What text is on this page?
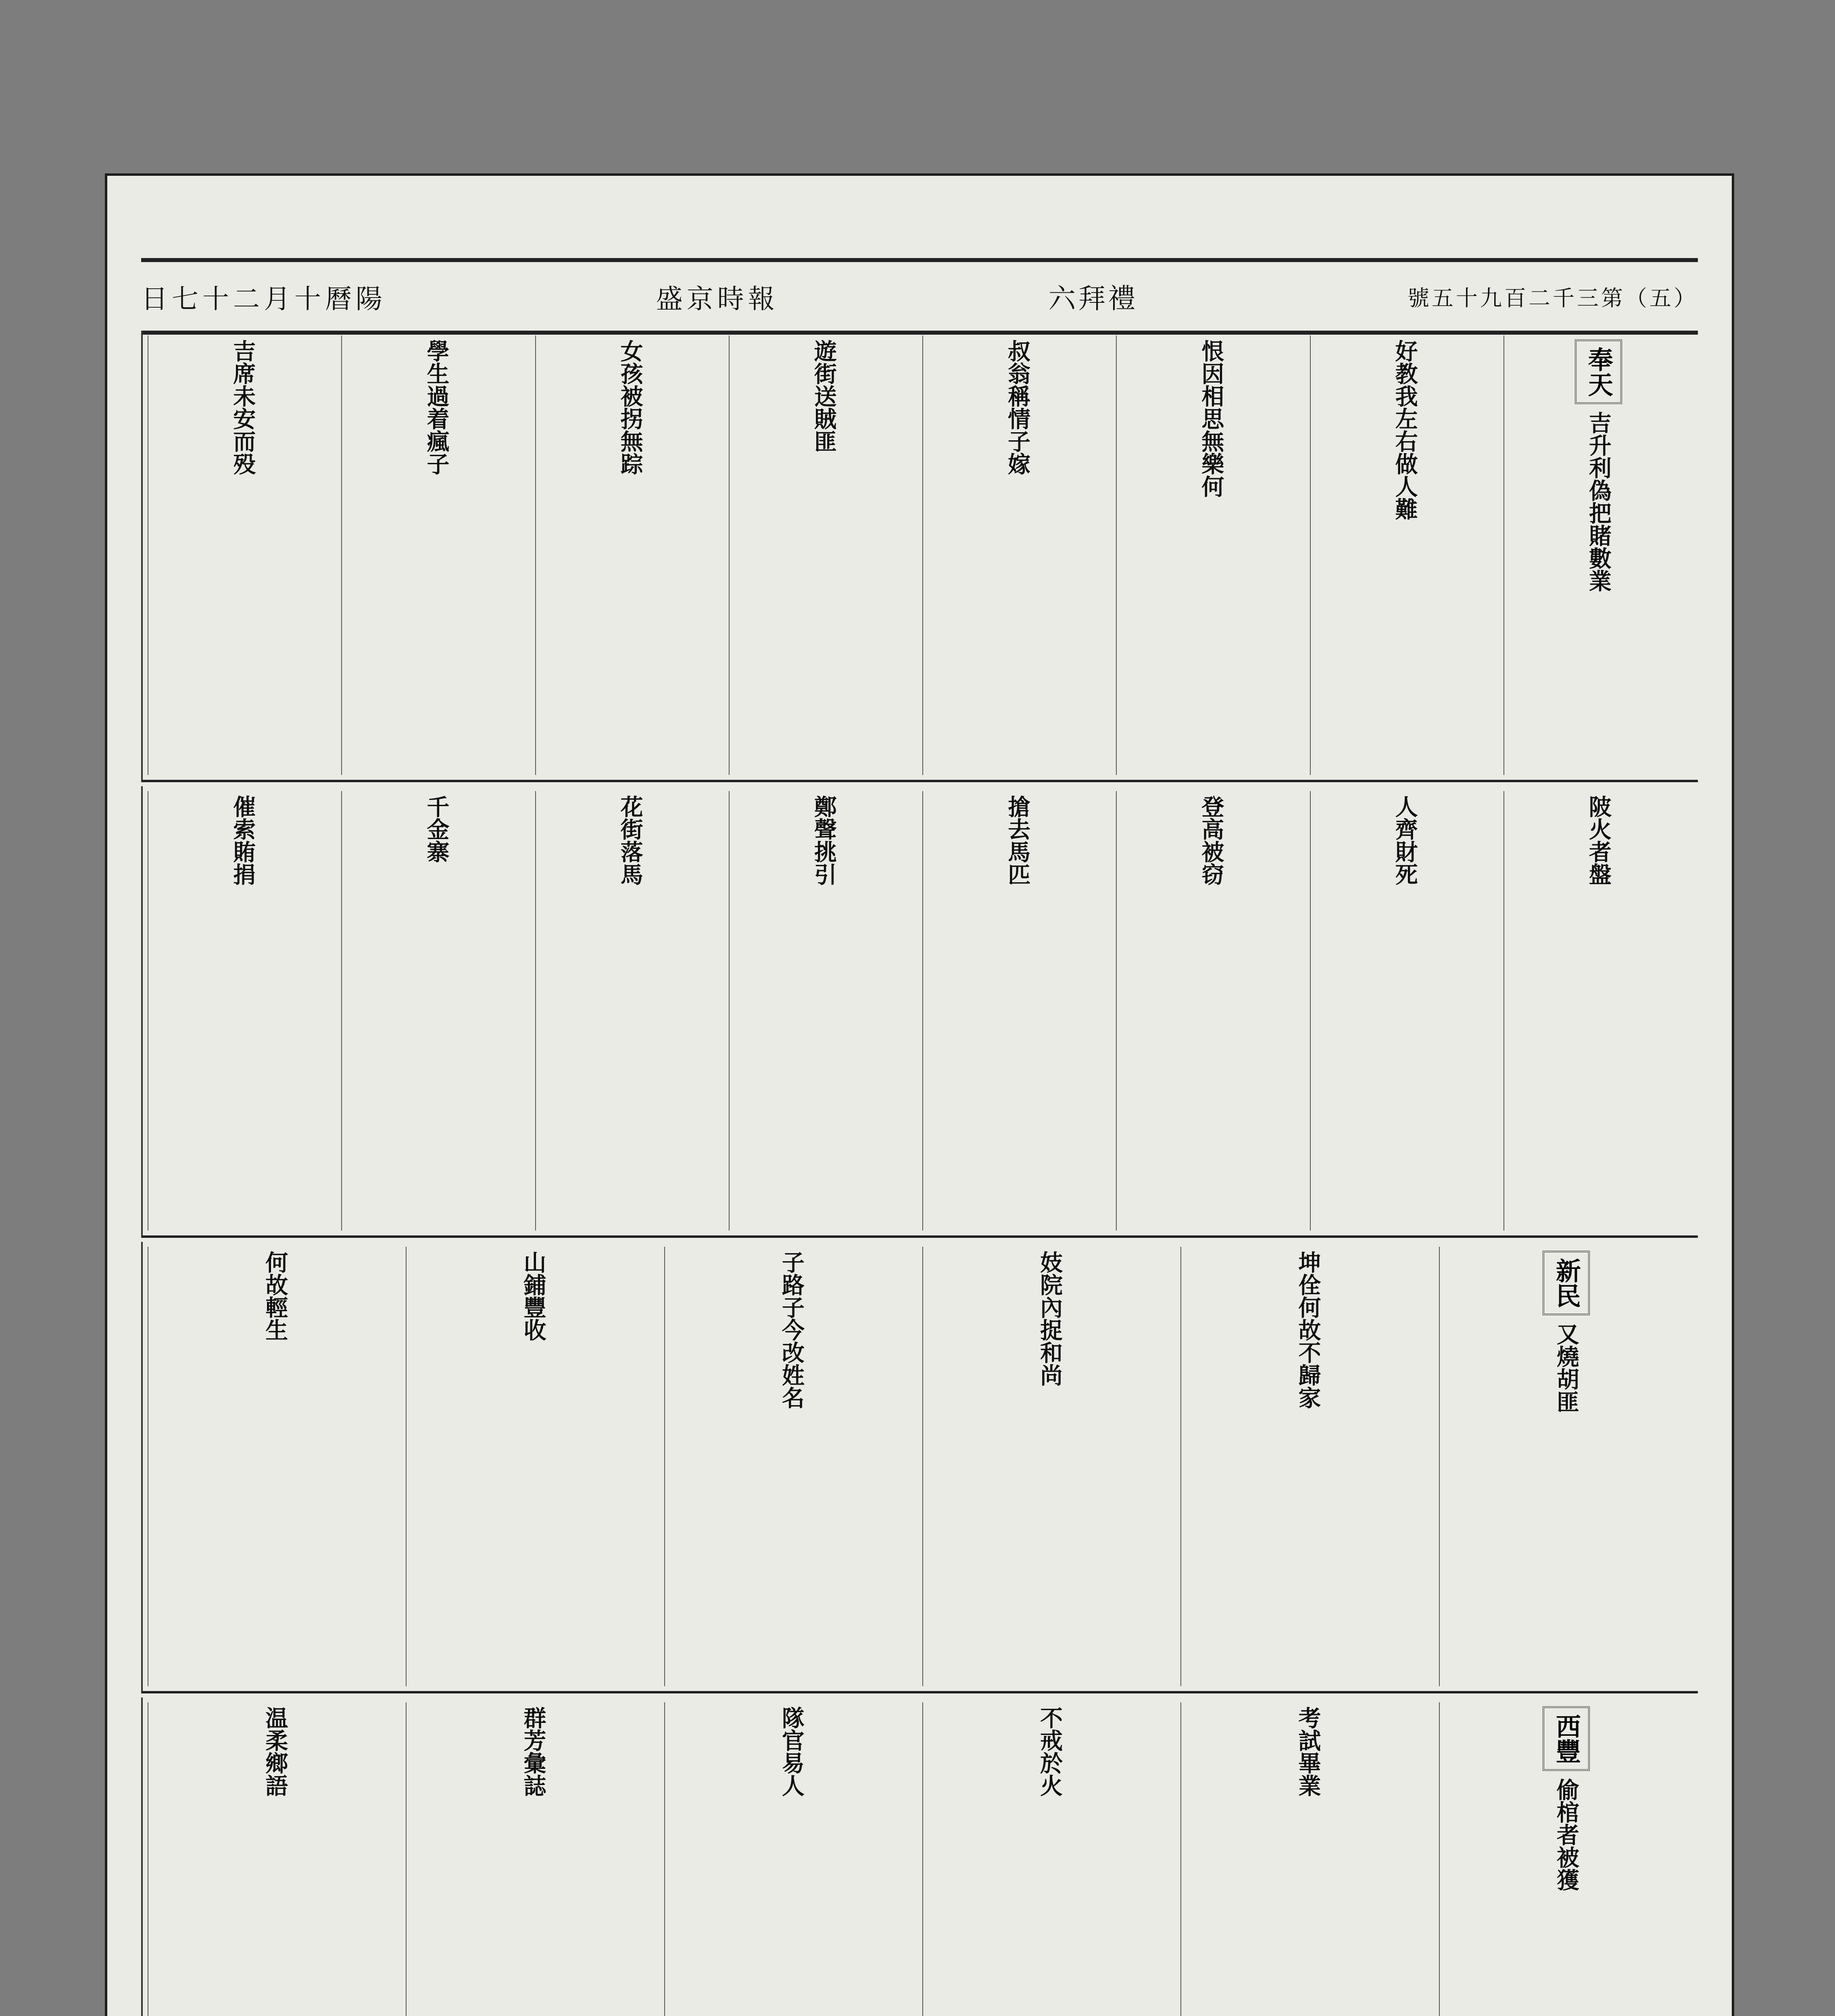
號五十九百二千三第（五）
六拜禮
盛京時報
日七十二月十曆陽
奉天
吉升利偽把賭數業
好教我左右做人難
恨因相思無樂何
叔翁稱情子嫁
遊街送賊匪
女孩被拐無踪
學生過着瘋子
吉席未安而殁
陂火者盤
人齊財死
登高被窃
搶去馬匹
鄭聲挑引
花街落馬
千金寨
催索賄捐
新民
又燒胡匪
坤佺何故不歸家
妓院內捉和尚
子路子今改姓名
山鋪豐收
何故輕生
西豐
偷棺者被獲
考試畢業
不戒於火
隊官易人
群芳彙誌
温柔鄉語
